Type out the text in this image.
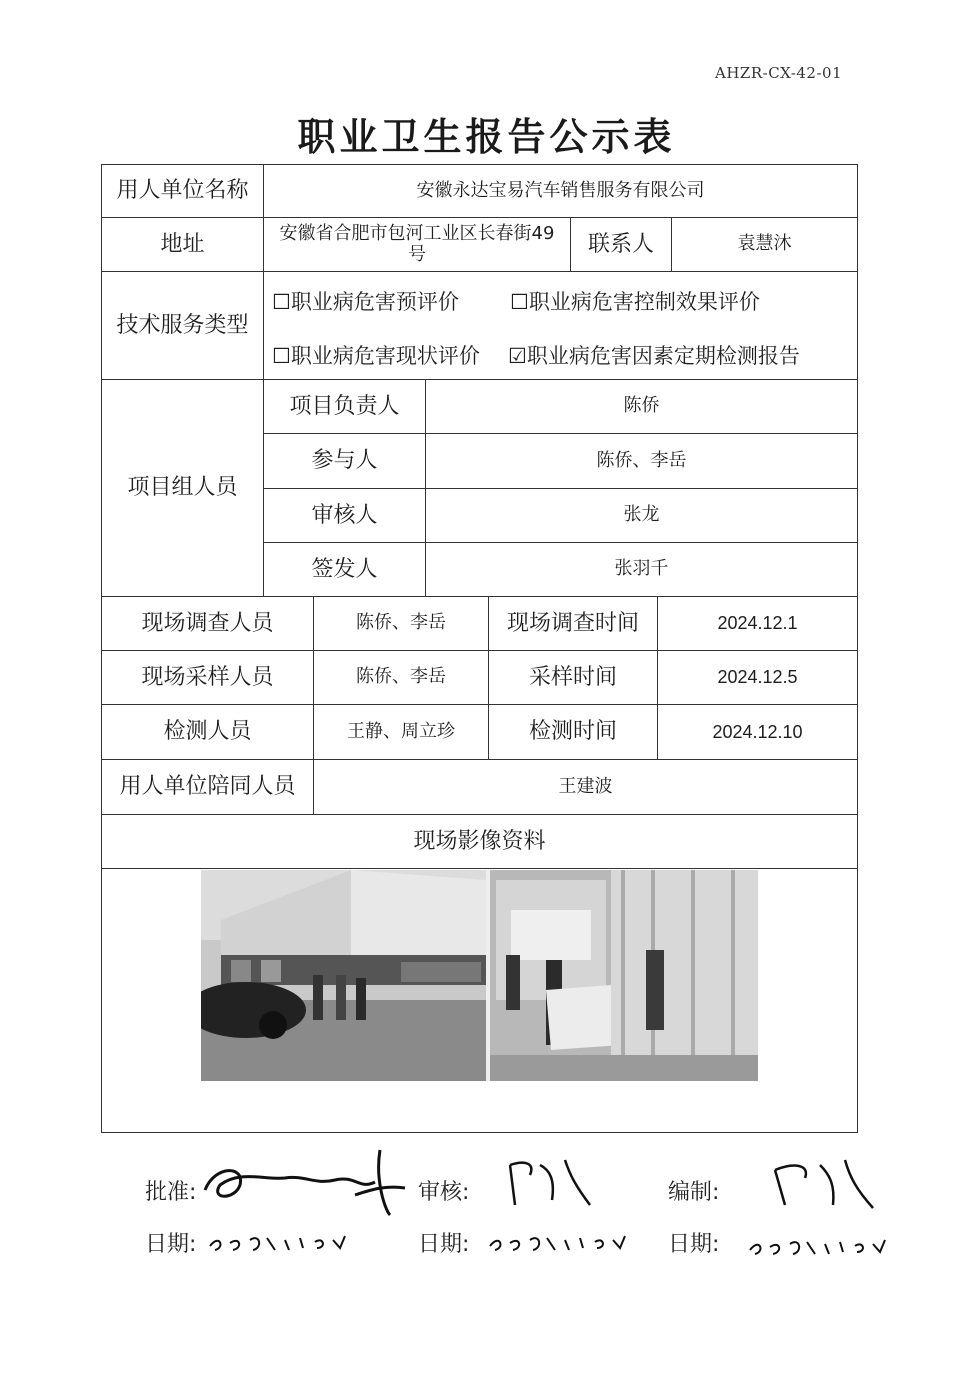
AHZR-CX-42-01
职业卫生报告公示表
用人单位名称	安徽永达宝易汽车销售服务有限公司
地址	安徽省合肥市包河工业区长春街49号	联系人	袁慧沐
技术服务类型
☐职业病危害预评价 ☐职业病危害控制效果评价
☐职业病危害现状评价 ☑职业病危害因素定期检测报告
项目组人员
项目负责人	陈侨
参与人	陈侨、李岳
审核人	张龙
签发人	张羽千
现场调查人员	陈侨、李岳	现场调查时间	2024.12.1
现场采样人员	陈侨、李岳	采样时间	2024.12.5
检测人员	王静、周立珍	检测时间	2024.12.10
用人单位陪同人员	王建波
现场影像资料
批准:	审核:	编制:
日期:	日期:	日期:
